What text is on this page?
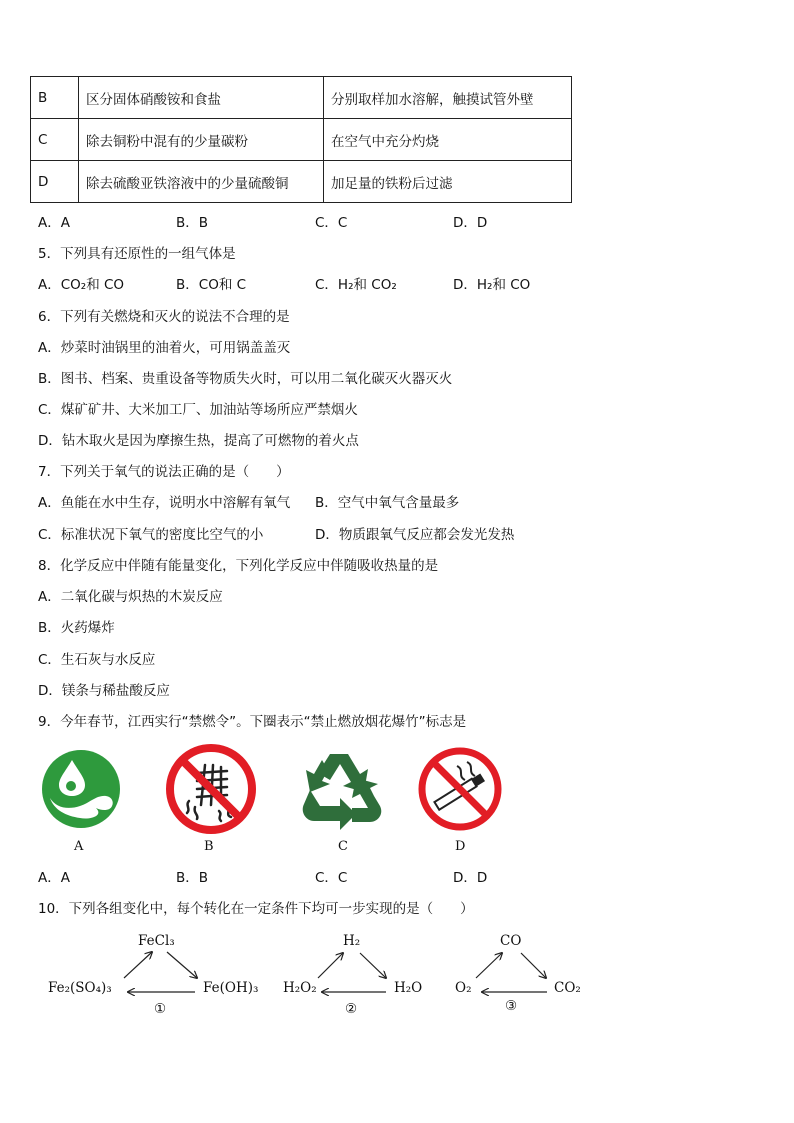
B	区分固体硝酸铵和食盐	分别取样加水溶解，触摸试管外壁
C	除去铜粉中混有的少量碳粉	在空气中充分灼烧
D	除去硫酸亚铁溶液中的少量硫酸铜	加足量的铁粉后过滤
A．A	B．B	C．C	D．D
5．下列具有还原性的一组气体是
A．CO₂和 CO	B．CO和 C	C．H₂和 CO₂	D．H₂和 CO
6．下列有关燃烧和灭火的说法不合理的是
A．炒菜时油锅里的油着火，可用锅盖盖灭
B．图书、档案、贵重设备等物质失火时，可以用二氧化碳灭火器灭火
C．煤矿矿井、大米加工厂、加油站等场所应严禁烟火
D．钻木取火是因为摩擦生热，提高了可燃物的着火点
7．下列关于氧气的说法正确的是（　　）
A．鱼能在水中生存，说明水中溶解有氧气 B．空气中氧气含量最多
C．标准状况下氧气的密度比空气的小	D．物质跟氧气反应都会发光发热
8．化学反应中伴随有能量变化，下列化学反应中伴随吸收热量的是
A．二氧化碳与炽热的木炭反应
B．火药爆炸
C．生石灰与水反应
D．镁条与稀盐酸反应
9．今年春节，江西实行“禁燃令”。下圈表示“禁止燃放烟花爆竹”标志是
A	B	C	D
A．A	B．B	C．C	D．D
10．下列各组变化中，每个转化在一定条件下均可一步实现的是（　　）
FeCl₃
Fe₂(SO₄)₃	Fe(OH)₃
①
H₂
H₂O₂	H₂O
②
CO
O₂	CO₂
③
